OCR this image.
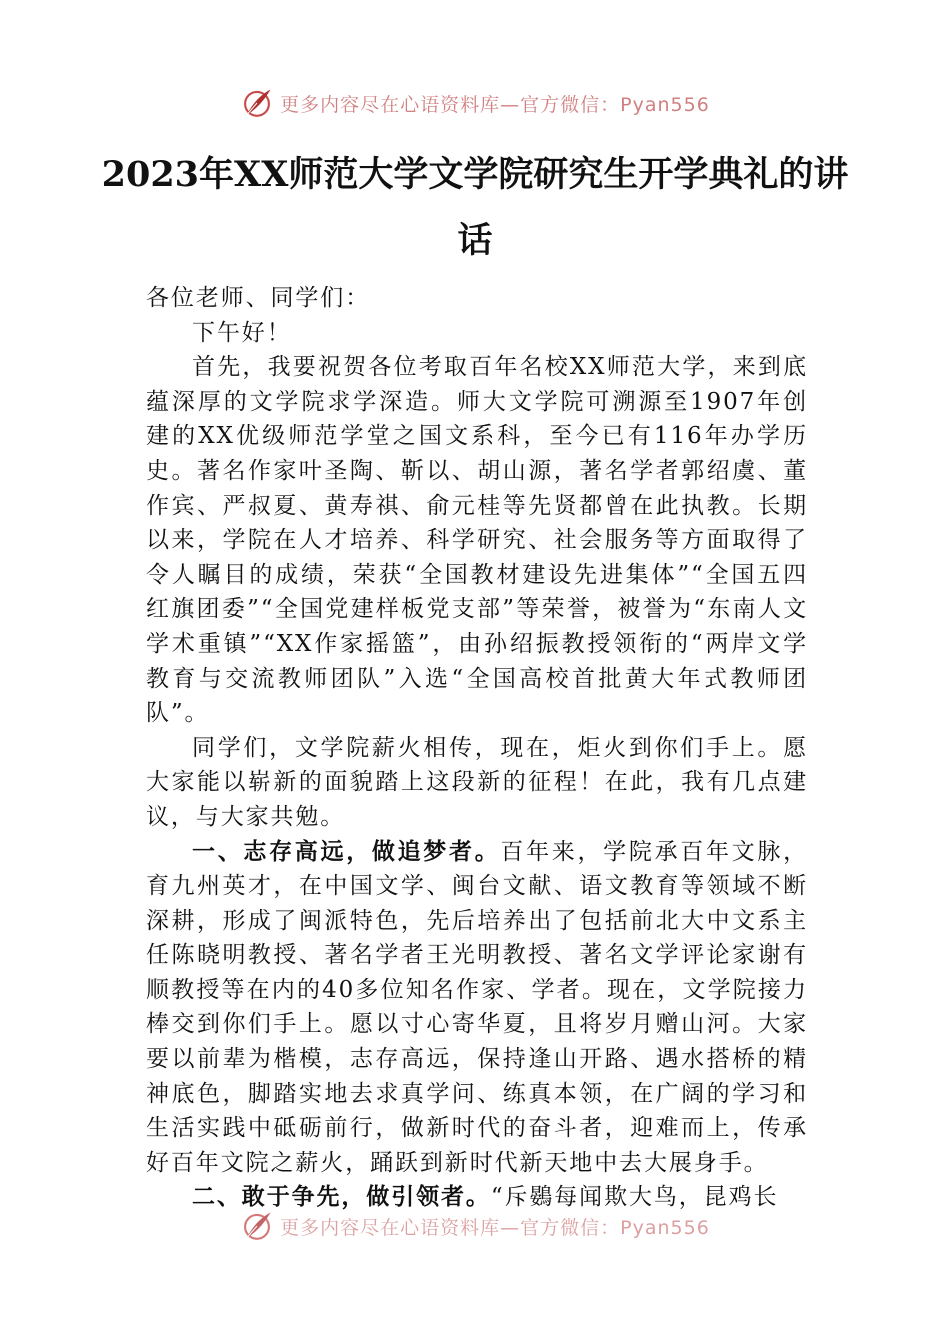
更多内容尽在心语资料库—官方微信：Pyan556
2023年XX师范大学文学院研究生开学典礼的讲话

各位老师、同学们：

下午好！

首先，我要祝贺各位考取百年名校XX师范大学，来到底蕴深厚的文学院求学深造。师大文学院可溯源至1907年创建的XX优级师范学堂之国文系科，至今已有116年办学历史。著名作家叶圣陶、靳以、胡山源，著名学者郭绍虞、董作宾、严叔夏、黄寿祺、俞元桂等先贤都曾在此执教。长期以来，学院在人才培养、科学研究、社会服务等方面取得了令人瞩目的成绩，荣获“全国教材建设先进集体”“全国五四红旗团委”“全国党建样板党支部”等荣誉，被誉为“东南人文学术重镇”“XX作家摇篮”，由孙绍振教授领衔的“两岸文学教育与交流教师团队”入选“全国高校首批黄大年式教师团队”。

同学们，文学院薪火相传，现在，炬火到你们手上。愿大家能以崭新的面貌踏上这段新的征程！在此，我有几点建议，与大家共勉。

一、志存高远，做追梦者。百年来，学院承百年文脉，育九州英才，在中国文学、闽台文献、语文教育等领域不断深耕，形成了闽派特色，先后培养出了包括前北大中文系主任陈晓明教授、著名学者王光明教授、著名文学评论家谢有顺教授等在内的40多位知名作家、学者。现在，文学院接力棒交到你们手上。愿以寸心寄华夏，且将岁月赠山河。大家要以前辈为楷模，志存高远，保持逢山开路、遇水搭桥的精神底色，脚踏实地去求真学问、练真本领，在广阔的学习和生活实践中砥砺前行，做新时代的奋斗者，迎难而上，传承好百年文院之薪火，踊跃到新时代新天地中去大展身手。

二、敢于争先，做引领者。“斥鷃每闻欺大鸟，昆鸡长

更多内容尽在心语资料库—官方微信：Pyan556
